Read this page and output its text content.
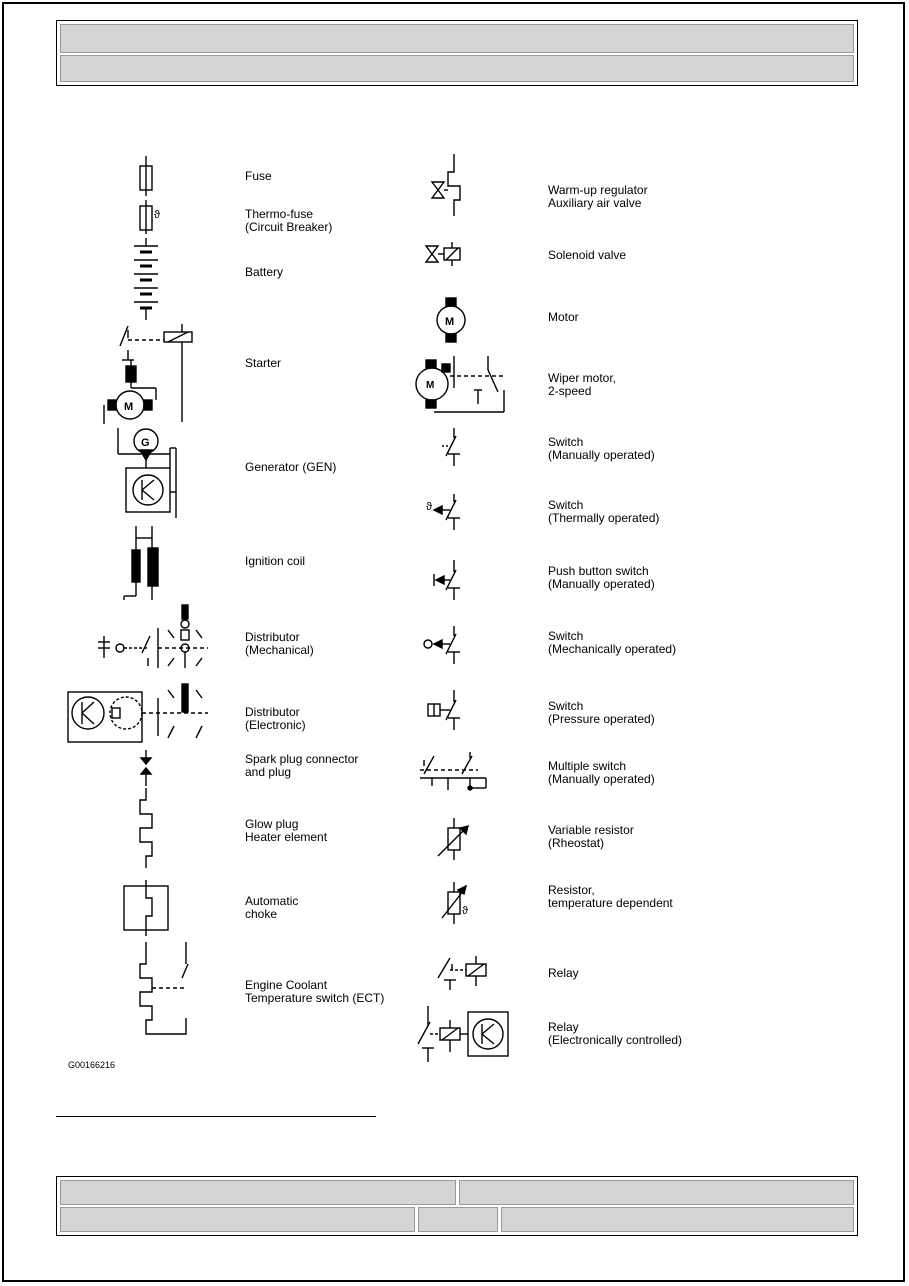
ϑ
M
G
M
M
ϑ
ϑ
Fuse
Thermo-fuse
(Circuit Breaker)
Battery
Starter
Generator (GEN)
Ignition coil
Distributor
(Mechanical)
Distributor
(Electronic)
Spark plug connector
and plug
Glow plug
Heater element
Automatic
choke
Engine Coolant
Temperature switch (ECT)
Warm-up regulator
Auxiliary air valve
Solenoid valve
Motor
Wiper motor,
2-speed
Switch
(Manually operated)
Switch
(Thermally operated)
Push button switch
(Manually operated)
Switch
(Mechanically operated)
Switch
(Pressure operated)
Multiple switch
(Manually operated)
Variable resistor
(Rheostat)
Resistor,
temperature dependent
Relay
Relay
(Electronically controlled)
G00166216
